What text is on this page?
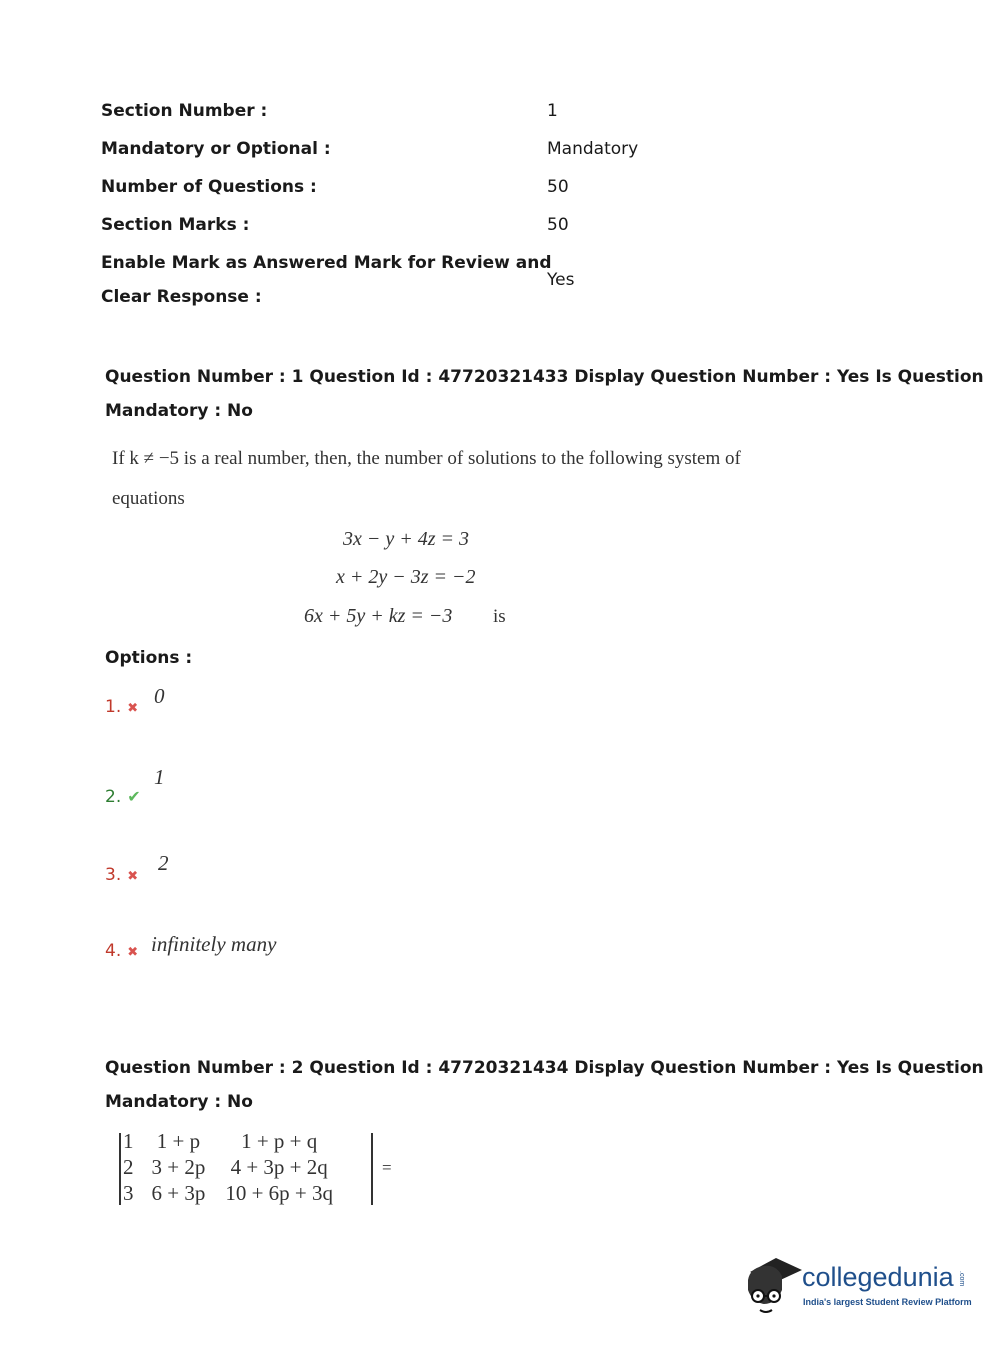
Section Number :	1
Mandatory or Optional :	Mandatory
Number of Questions :	50
Section Marks :	50
Enable Mark as Answered Mark for Review and
Clear Response :
Yes
Question Number : 1 Question Id : 47720321433 Display Question Number : Yes Is Question
Mandatory : No
If k ≠ −5 is a real number, then, the number of solutions to the following system of
equations
3x − y + 4z = 3
x + 2y − 3z = −2
6x + 5y + kz = −3 is
Options :
1. ✖
0
2. ✔
1
3. ✖
2
4. ✖ infinitely many
Question Number : 2 Question Id : 47720321434 Display Question Number : Yes Is Question
Mandatory : No
1	1 + p	1 + p + q
2	3 + 2p	4 + 3p + 2q
3	6 + 3p	10 + 6p + 3q
=
collegedunia .com
India's largest Student Review Platform
